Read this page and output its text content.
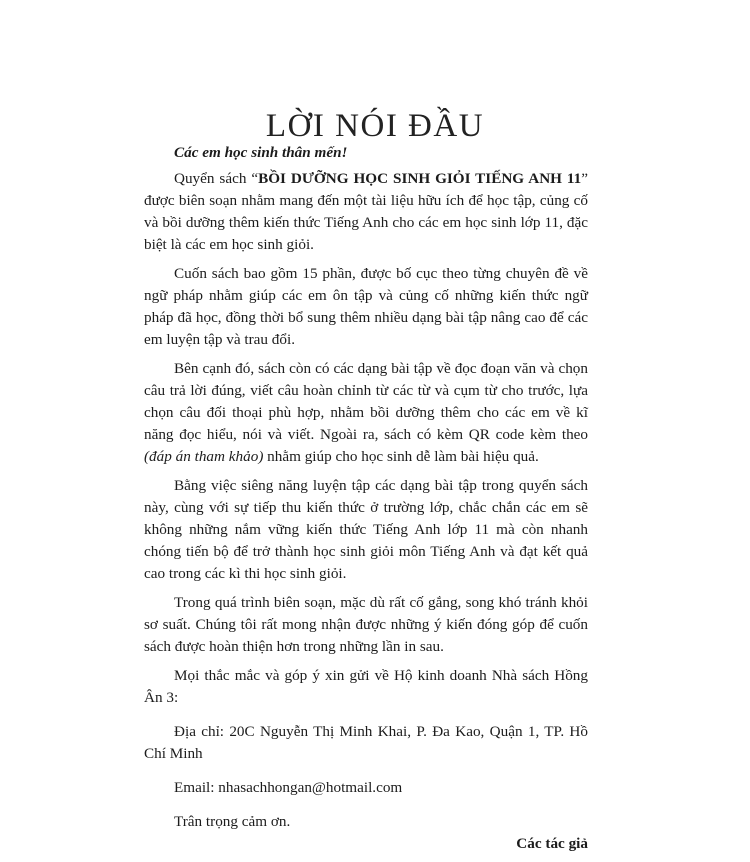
LỜI NÓI ĐẦU

Các em học sinh thân mến!

Quyển sách “BỒI DƯỠNG HỌC SINH GIỎI TIẾNG ANH 11” được biên soạn nhằm mang đến một tài liệu hữu ích để học tập, củng cố và bồi dưỡng thêm kiến thức Tiếng Anh cho các em học sinh lớp 11, đặc biệt là các em học sinh giỏi.

Cuốn sách bao gồm 15 phần, được bố cục theo từng chuyên đề về ngữ pháp nhằm giúp các em ôn tập và củng cố những kiến thức ngữ pháp đã học, đồng thời bổ sung thêm nhiều dạng bài tập nâng cao để các em luyện tập và trau đổi.

Bên cạnh đó, sách còn có các dạng bài tập về đọc đoạn văn và chọn câu trả lời đúng, viết câu hoàn chỉnh từ các từ và cụm từ cho trước, lựa chọn câu đối thoại phù hợp, nhằm bồi dưỡng thêm cho các em về kĩ năng đọc hiểu, nói và viết. Ngoài ra, sách có kèm QR code kèm theo (đáp án tham khảo) nhằm giúp cho học sinh dễ làm bài hiệu quả.

Bằng việc siêng năng luyện tập các dạng bài tập trong quyển sách này, cùng với sự tiếp thu kiến thức ở trường lớp, chắc chắn các em sẽ không những nắm vững kiến thức Tiếng Anh lớp 11 mà còn nhanh chóng tiến bộ để trở thành học sinh giỏi môn Tiếng Anh và đạt kết quả cao trong các kì thi học sinh giỏi.

Trong quá trình biên soạn, mặc dù rất cố gắng, song khó tránh khỏi sơ suất. Chúng tôi rất mong nhận được những ý kiến đóng góp để cuốn sách được hoàn thiện hơn trong những lần in sau.

Mọi thắc mắc và góp ý xin gửi về Hộ kinh doanh Nhà sách Hồng Ân 3:

Địa chỉ: 20C Nguyễn Thị Minh Khai, P. Đa Kao, Quận 1, TP. Hồ Chí Minh

Email: nhasachhongan@hotmail.com

Trân trọng cảm ơn.

Các tác giả
